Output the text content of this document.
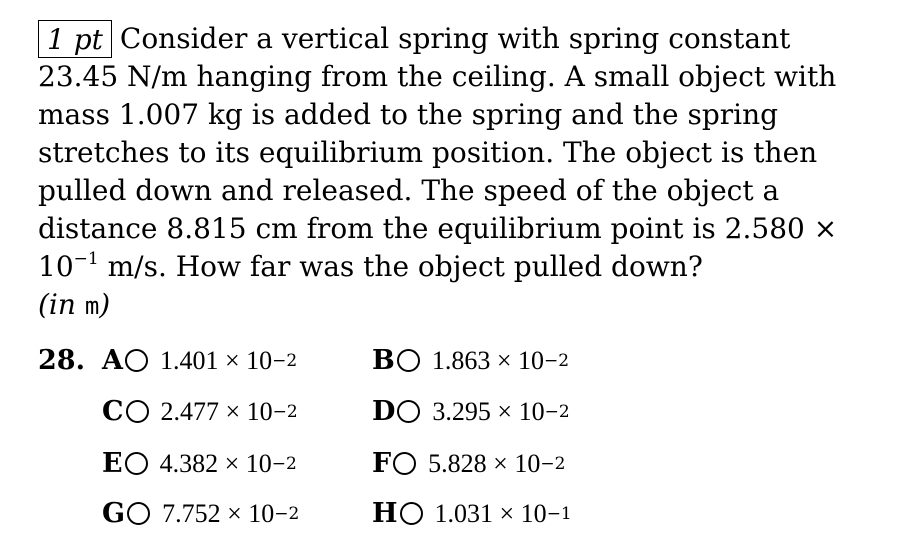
1 pt Consider a vertical spring with spring constant 23.45 N/m hanging from the ceiling. A small object with mass 1.007 kg is added to the spring and the spring stretches to its equilibrium position. The object is then pulled down and released. The speed of the object a distance 8.815 cm from the equilibrium point is $2.580 \times 10^{-1}$ m/s. How far was the object pulled down?
(in m)
28. A 1.401 × 10 −2	B 1.863 × 10 −2
C 2.477 × 10 −2	D 3.295 × 10 −2
E 4.382 × 10 −2	F 5.828 × 10 −2
G 7.752 × 10 −2	H 1.031 × 10 −1
